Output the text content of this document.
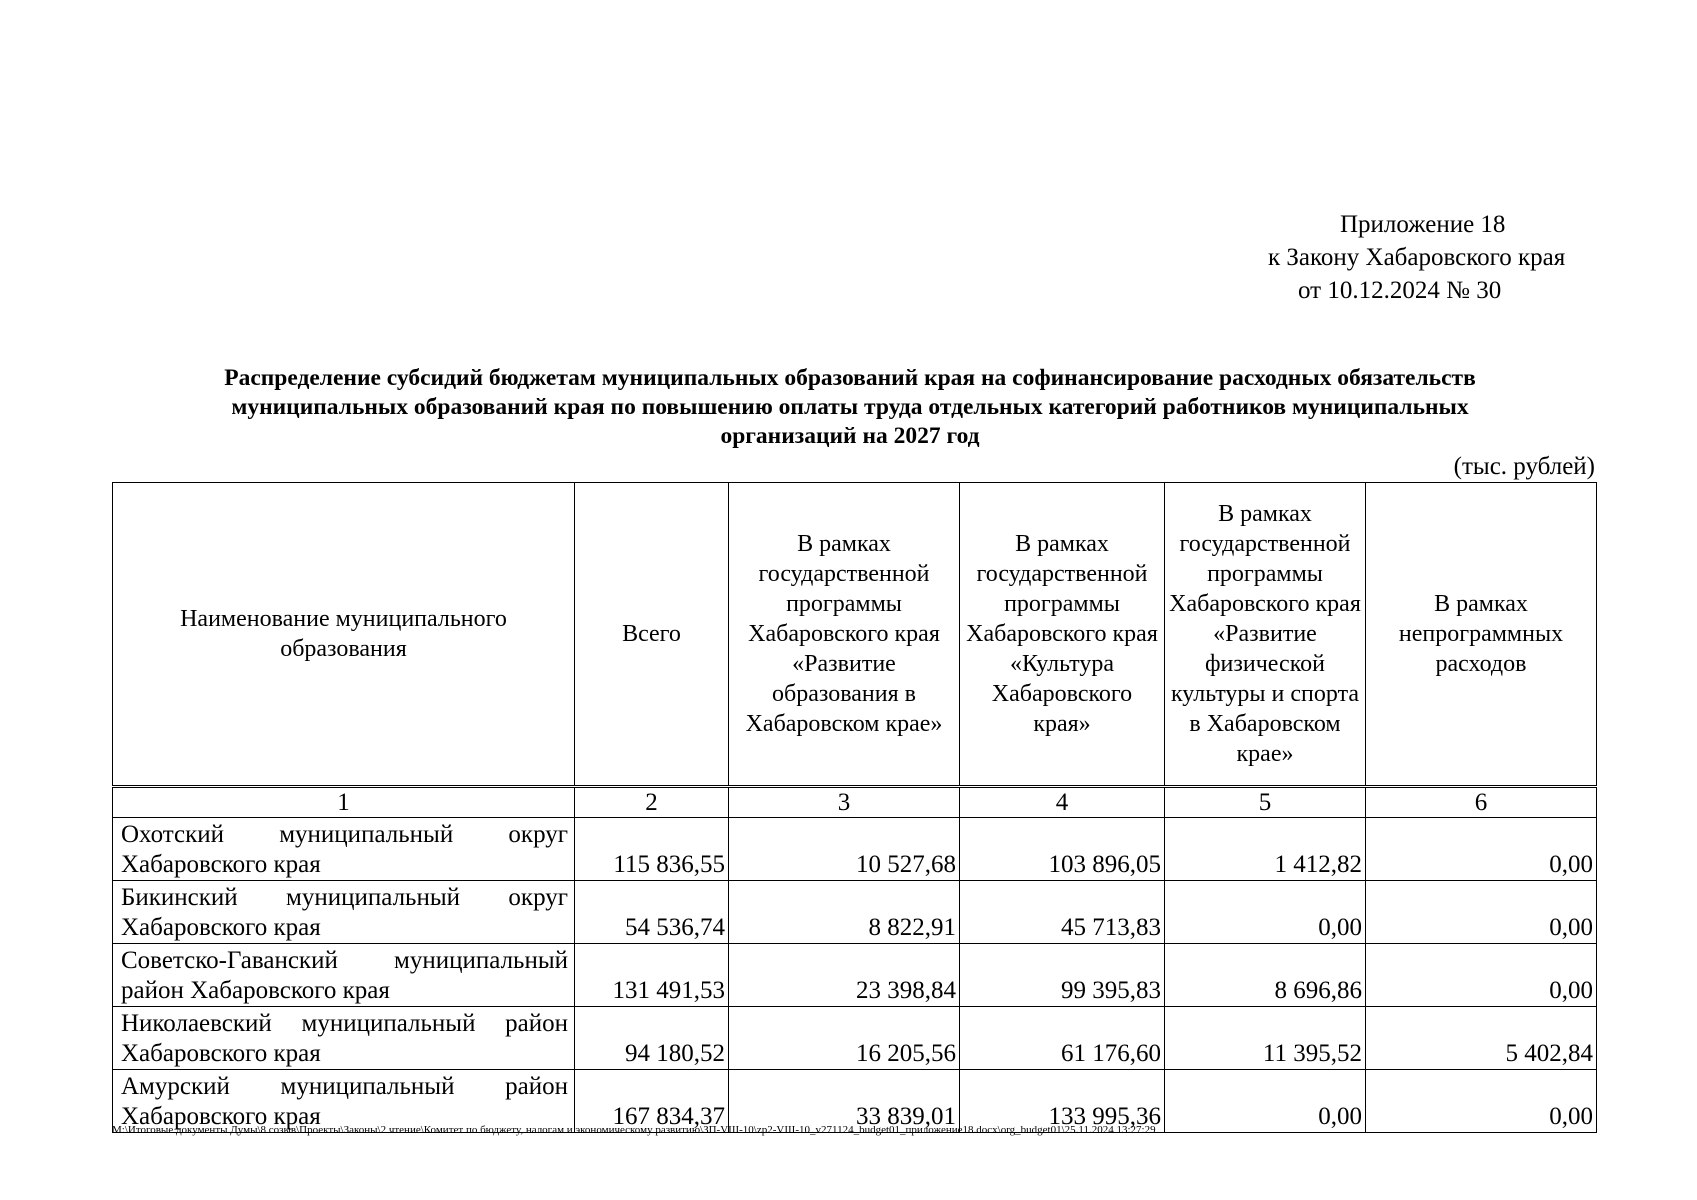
Приложение 18
к Закону Хабаровского края
от 10.12.2024 № 30
Распределение субсидий бюджетам муниципальных образований края на софинансирование расходных обязательств
муниципальных образований края по повышению оплаты труда отдельных категорий работников муниципальных
организаций на 2027 год
(тыс. рублей)
Наименование муниципального образования	Всего	В рамках государственной программы Хабаровского края «Развитие образования в Хабаровском крае»	В рамках государственной программы Хабаровского края «Культура Хабаровского края»	В рамках государственной программы Хабаровского края «Развитие физической культуры и спорта в Хабаровском крае»	В рамках непрограммных расходов
1	2	3	4	5	6
Охотский муниципальный округ Хабаровского края	115 836,55	10 527,68	103 896,05	1 412,82	0,00
Бикинский муниципальный округ Хабаровского края	54 536,74	8 822,91	45 713,83	0,00	0,00
Советско-Гаванский муниципальный район Хабаровского края	131 491,53	23 398,84	99 395,83	8 696,86	0,00
Николаевский муниципальный район Хабаровского края	94 180,52	16 205,56	61 176,60	11 395,52	5 402,84
Амурский муниципальный район Хабаровского края	167 834,37	33 839,01	133 995,36	0,00	0,00
М:\Итоговые документы Думы\8 созыв\Проекты\Законы\2 чтение\Комитет по бюджету, налогам и экономическому развитию\ЗП-VIII-10\zp2-VIII-10_v271124_budget01_приложение18.docx\org_budget01\25.11.2024 13:27:29
